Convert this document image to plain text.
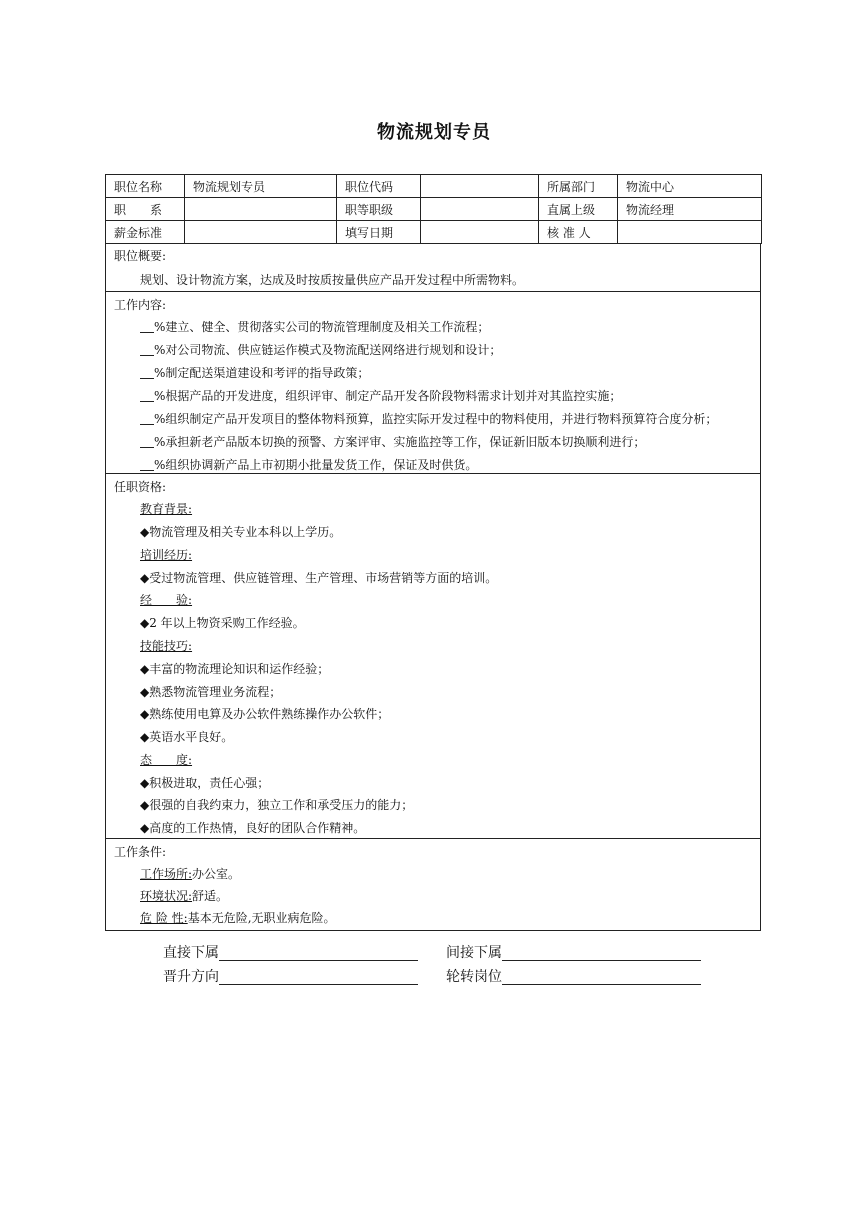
物流规划专员
职位名称	物流规划专员	职位代码		所属部门	物流中心
职　　系		职等职级		直属上级	物流经理
薪金标准		填写日期		核 准 人	
职位概要:
规划、设计物流方案，达成及时按质按量供应产品开发过程中所需物料。
工作内容:
%建立、健全、贯彻落实公司的物流管理制度及相关工作流程；
%对公司物流、供应链运作模式及物流配送网络进行规划和设计；
%制定配送渠道建设和考评的指导政策；
%根据产品的开发进度，组织评审、制定产品开发各阶段物料需求计划并对其监控实施；
%组织制定产品开发项目的整体物料预算，监控实际开发过程中的物料使用，并进行物料预算符合度分析；
%承担新老产品版本切换的预警、方案评审、实施监控等工作，保证新旧版本切换顺利进行；
%组织协调新产品上市初期小批量发货工作，保证及时供货。
任职资格:
教育背景:
◆物流管理及相关专业本科以上学历。
培训经历:
◆受过物流管理、供应链管理、生产管理、市场营销等方面的培训。
经　　验:
◆2 年以上物资采购工作经验。
技能技巧:
◆丰富的物流理论知识和运作经验；
◆熟悉物流管理业务流程；
◆熟练使用电算及办公软件熟练操作办公软件；
◆英语水平良好。
态　　度:
◆积极进取，责任心强；
◆很强的自我约束力，独立工作和承受压力的能力；
◆高度的工作热情，良好的团队合作精神。
工作条件:
工作场所:办公室。
环境状况:舒适。
危 险 性:基本无危险,无职业病危险。
直接下属	间接下属
晋升方向	轮转岗位
